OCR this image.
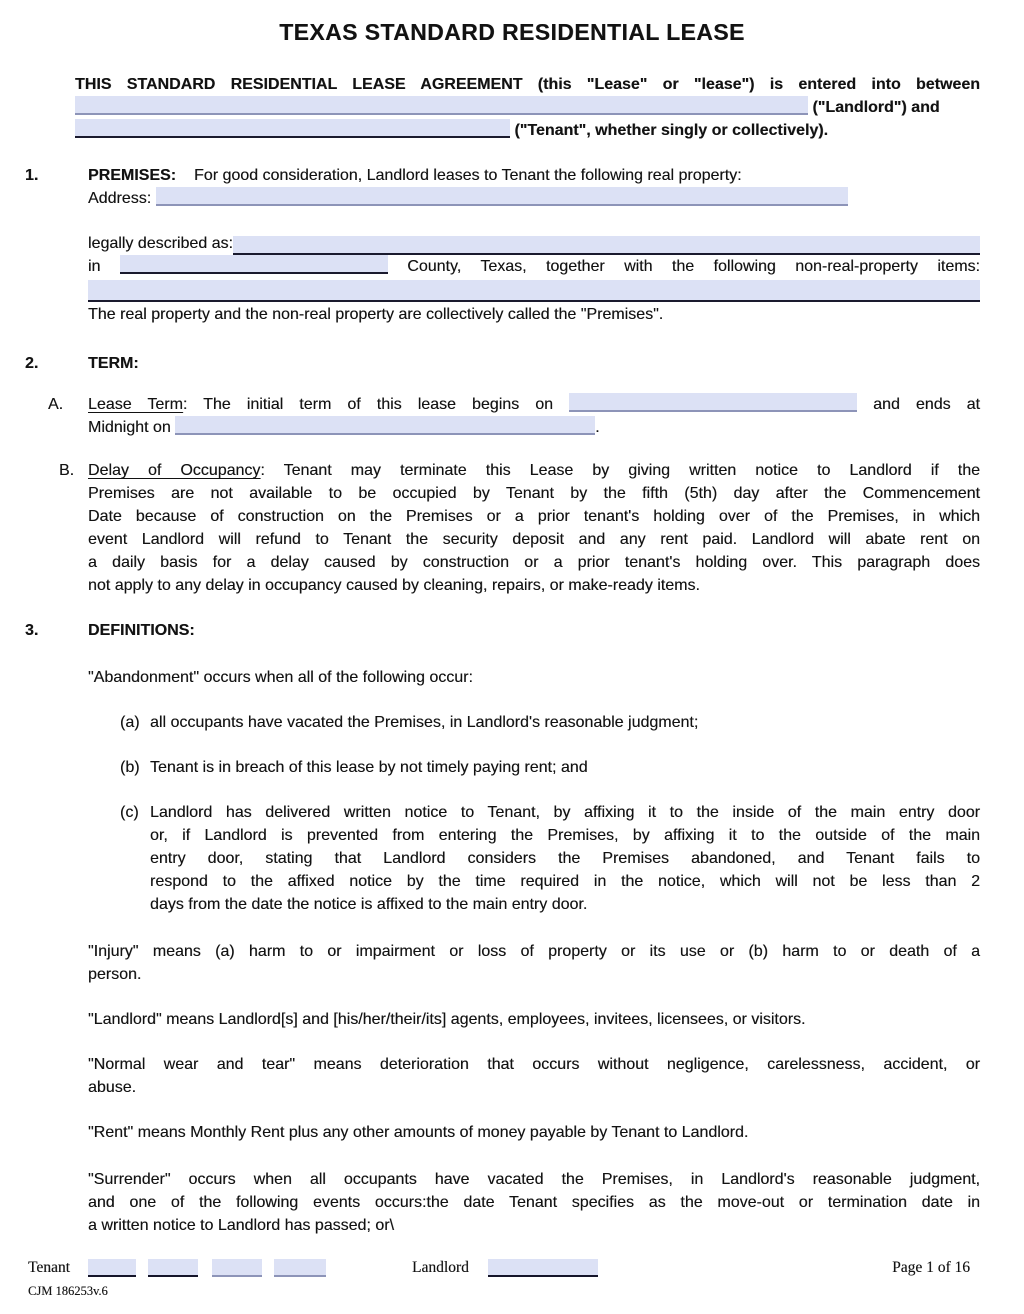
TEXAS STANDARD RESIDENTIAL LEASE
THIS STANDARD RESIDENTIAL LEASE AGREEMENT (this "Lease" or "lease") is entered into between
("Landlord") and
("Tenant", whether singly or collectively).
1.	PREMISES: For good consideration, Landlord leases to Tenant the following real property:
Address:
legally described as:
in	County, Texas, together with the following non-real-property items:
The real property and the non-real property are collectively called the "Premises".
2.	TERM:
A. Lease Term: The initial term of this lease begins on	and ends at
Midnight on	.
B. Delay of Occupancy: Tenant may terminate this Lease by giving written notice to Landlord if the
Premises are not available to be occupied by Tenant by the fifth (5th) day after the Commencement
Date because of construction on the Premises or a prior tenant's holding over of the Premises, in which
event Landlord will refund to Tenant the security deposit and any rent paid. Landlord will abate rent on
a daily basis for a delay caused by construction or a prior tenant's holding over. This paragraph does
not apply to any delay in occupancy caused by cleaning, repairs, or make-ready items.
3.	DEFINITIONS:
"Abandonment" occurs when all of the following occur:
(a) all occupants have vacated the Premises, in Landlord's reasonable judgment;
(b) Tenant is in breach of this lease by not timely paying rent; and
(c) Landlord has delivered written notice to Tenant, by affixing it to the inside of the main entry door
or, if Landlord is prevented from entering the Premises, by affixing it to the outside of the main
entry door, stating that Landlord considers the Premises abandoned, and Tenant fails to
respond to the affixed notice by the time required in the notice, which will not be less than 2
days from the date the notice is affixed to the main entry door.
"Injury" means (a) harm to or impairment or loss of property or its use or (b) harm to or death of a
person.
"Landlord" means Landlord[s] and [his/her/their/its] agents, employees, invitees, licensees, or visitors.
"Normal wear and tear" means deterioration that occurs without negligence, carelessness, accident, or
abuse.
"Rent" means Monthly Rent plus any other amounts of money payable by Tenant to Landlord.
"Surrender" occurs when all occupants have vacated the Premises, in Landlord's reasonable judgment,
and one of the following events occurs:the date Tenant specifies as the move-out or termination date in
a written notice to Landlord has passed; or\
Tenant	Landlord	Page 1 of 16
CJM 186253v.6
